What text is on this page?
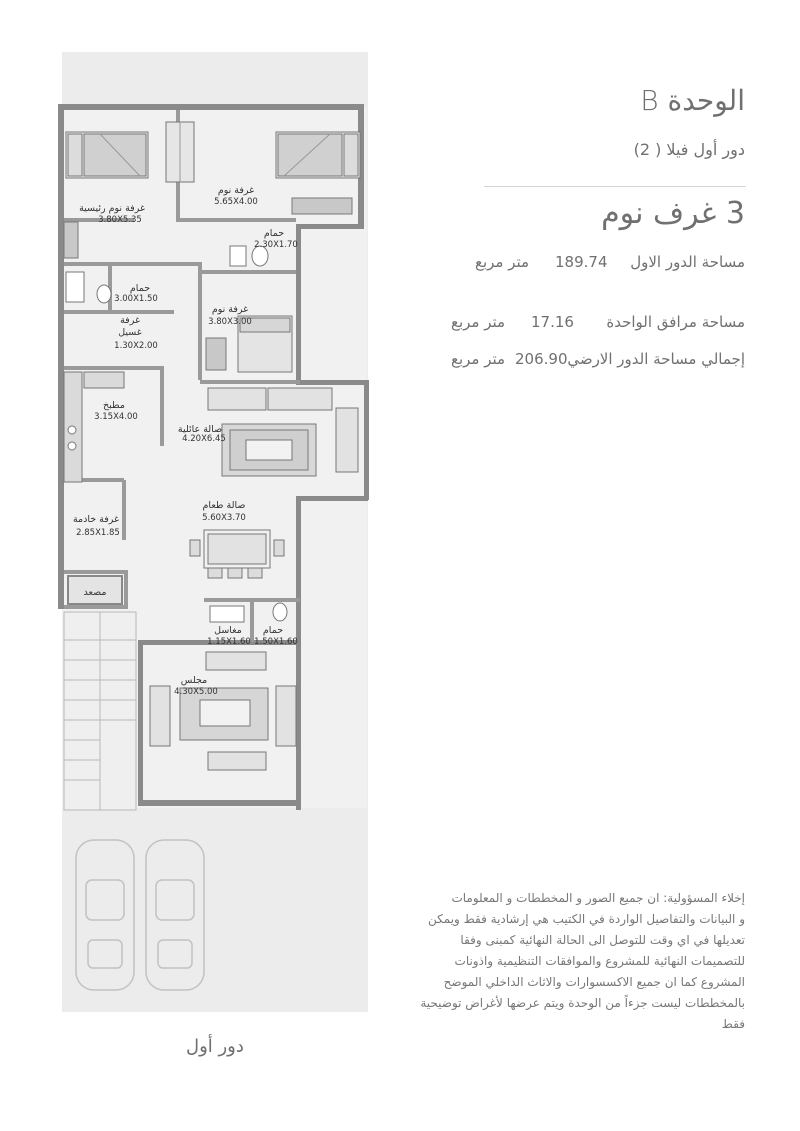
غرفة نوم رئيسية
3.80X5.35
غرفة نوم
5.65X4.00
حمام
2.30X1.70
حمام
3.00X1.50
غرفة
غسيل
1.30X2.00
غرفة نوم
3.80X3.00
مطبخ
3.15X4.00
صالة عائلية
4.20X6.45
غرفة خادمة
2.85X1.85
صالة طعام
5.60X3.70
مصعد
مغاسل
1.15X1.60
حمام
1.50X1.60
مجلس
4.30X5.00
الوحدة B
دور أول فيلا ( 2)
3 غرف نوم
مساحة الدور الاول
189.74
متر مربع
مساحة مرافق الواحدة
17.16
متر مربع
إجمالي مساحة الدور الارضي
206.90
متر مربع
إخلاء المسؤولية: ان جميع الصور و المخططات و المعلومات
و البيانات والتفاصيل الواردة في الكتيب هي إرشادية فقط ويمكن
تعديلها في اي وقت للتوصل الى الحالة النهائية كمبنى وفقا
للتصميمات النهائية للمشروع والموافقات التنظيمية واذونات
المشروع كما ان جميع الاكسسوارات والاثاث الداخلي الموضح
بالمخططات ليست جزءاً من الوحدة ويتم عرضها لأغراض توضيحية فقط
دور أول
